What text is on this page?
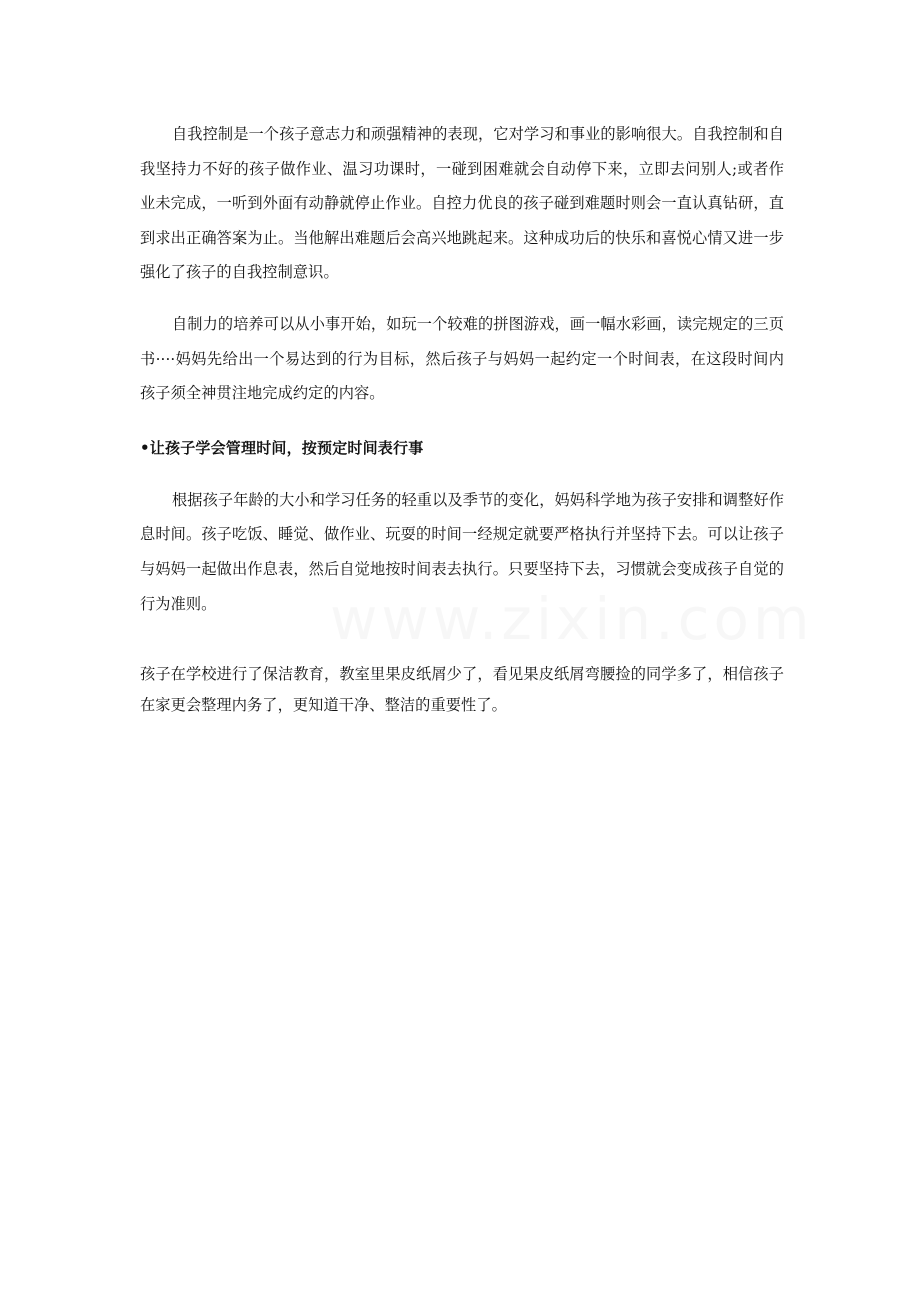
自我控制是一个孩子意志力和顽强精神的表现，它对学习和事业的影响很大。自我控制和自我坚持力不好的孩子做作业、温习功课时，一碰到困难就会自动停下来，立即去问别人;或者作业未完成，一听到外面有动静就停止作业。自控力优良的孩子碰到难题时则会一直认真钻研，直到求出正确答案为止。当他解出难题后会高兴地跳起来。这种成功后的快乐和喜悦心情又进一步强化了孩子的自我控制意识。

自制力的培养可以从小事开始，如玩一个较难的拼图游戏，画一幅水彩画，读完规定的三页书····妈妈先给出一个易达到的行为目标，然后孩子与妈妈一起约定一个时间表，在这段时间内孩子须全神贯注地完成约定的内容。

•让孩子学会管理时间，按预定时间表行事

根据孩子年龄的大小和学习任务的轻重以及季节的变化，妈妈科学地为孩子安排和调整好作息时间。孩子吃饭、睡觉、做作业、玩耍的时间一经规定就要严格执行并坚持下去。可以让孩子与妈妈一起做出作息表，然后自觉地按时间表去执行。只要坚持下去，习惯就会变成孩子自觉的行为准则。

孩子在学校进行了保洁教育，教室里果皮纸屑少了，看见果皮纸屑弯腰捡的同学多了，相信孩子在家更会整理内务了，更知道干净、整洁的重要性了。

www.zixin.com
